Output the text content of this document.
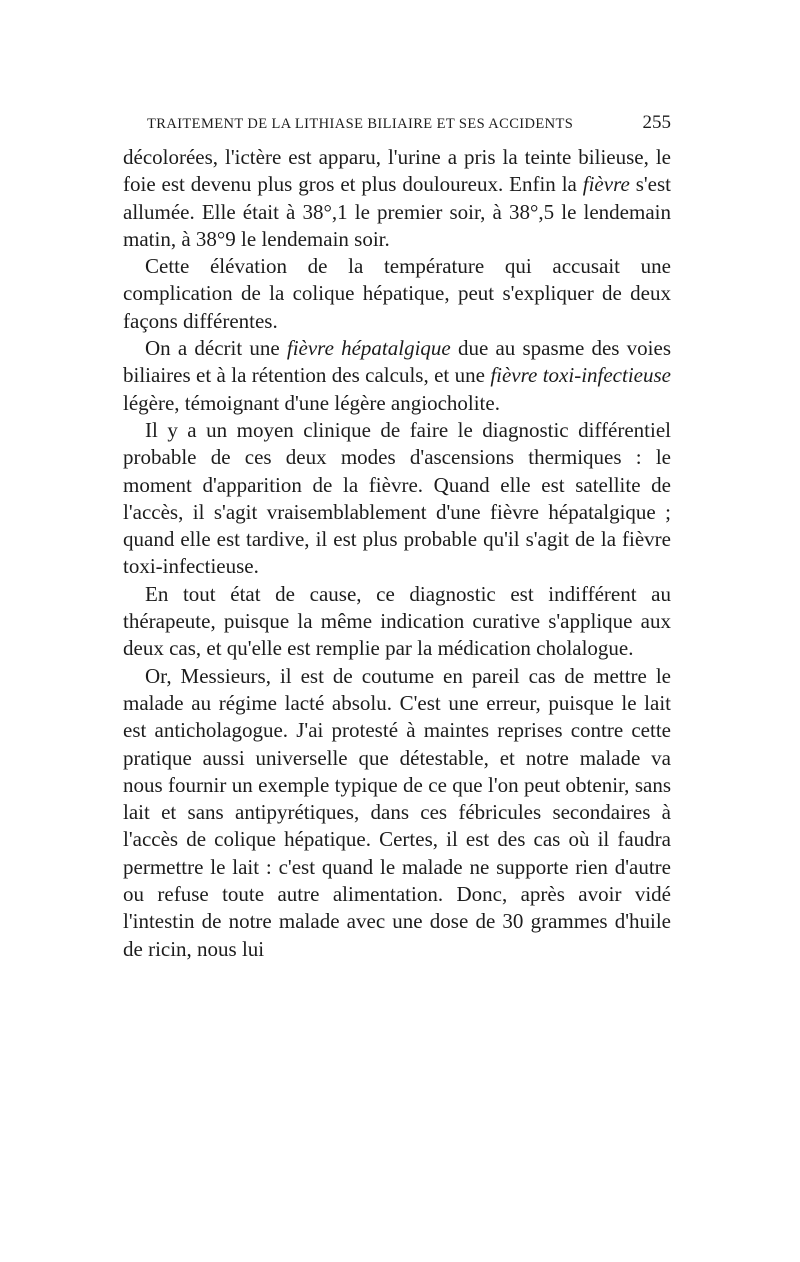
TRAITEMENT DE LA LITHIASE BILIAIRE ET SES ACCIDENTS	255

décolorées, l'ictère est apparu, l'urine a pris la teinte bilieuse, le foie est devenu plus gros et plus douloureux. Enfin la fièvre s'est allumée. Elle était à 38°,1 le premier soir, à 38°,5 le lendemain matin, à 38°9 le lendemain soir.

Cette élévation de la température qui accusait une complication de la colique hépatique, peut s'expliquer de deux façons différentes.

On a décrit une fièvre hépatalgique due au spasme des voies biliaires et à la rétention des calculs, et une fièvre toxi-infectieuse légère, témoignant d'une légère angiocholite.

Il y a un moyen clinique de faire le diagnostic différentiel probable de ces deux modes d'ascensions thermiques : le moment d'apparition de la fièvre. Quand elle est satellite de l'accès, il s'agit vraisemblablement d'une fièvre hépatalgique ; quand elle est tardive, il est plus probable qu'il s'agit de la fièvre toxi-infectieuse.

En tout état de cause, ce diagnostic est indifférent au thérapeute, puisque la même indication curative s'applique aux deux cas, et qu'elle est remplie par la médication cholalogue.

Or, Messieurs, il est de coutume en pareil cas de mettre le malade au régime lacté absolu. C'est une erreur, puisque le lait est anticholagogue. J'ai protesté à maintes reprises contre cette pratique aussi universelle que détestable, et notre malade va nous fournir un exemple typique de ce que l'on peut obtenir, sans lait et sans antipyrétiques, dans ces fébricules secondaires à l'accès de colique hépatique. Certes, il est des cas où il faudra permettre le lait : c'est quand le malade ne supporte rien d'autre ou refuse toute autre alimentation. Donc, après avoir vidé l'intestin de notre malade avec une dose de 30 grammes d'huile de ricin, nous lui
